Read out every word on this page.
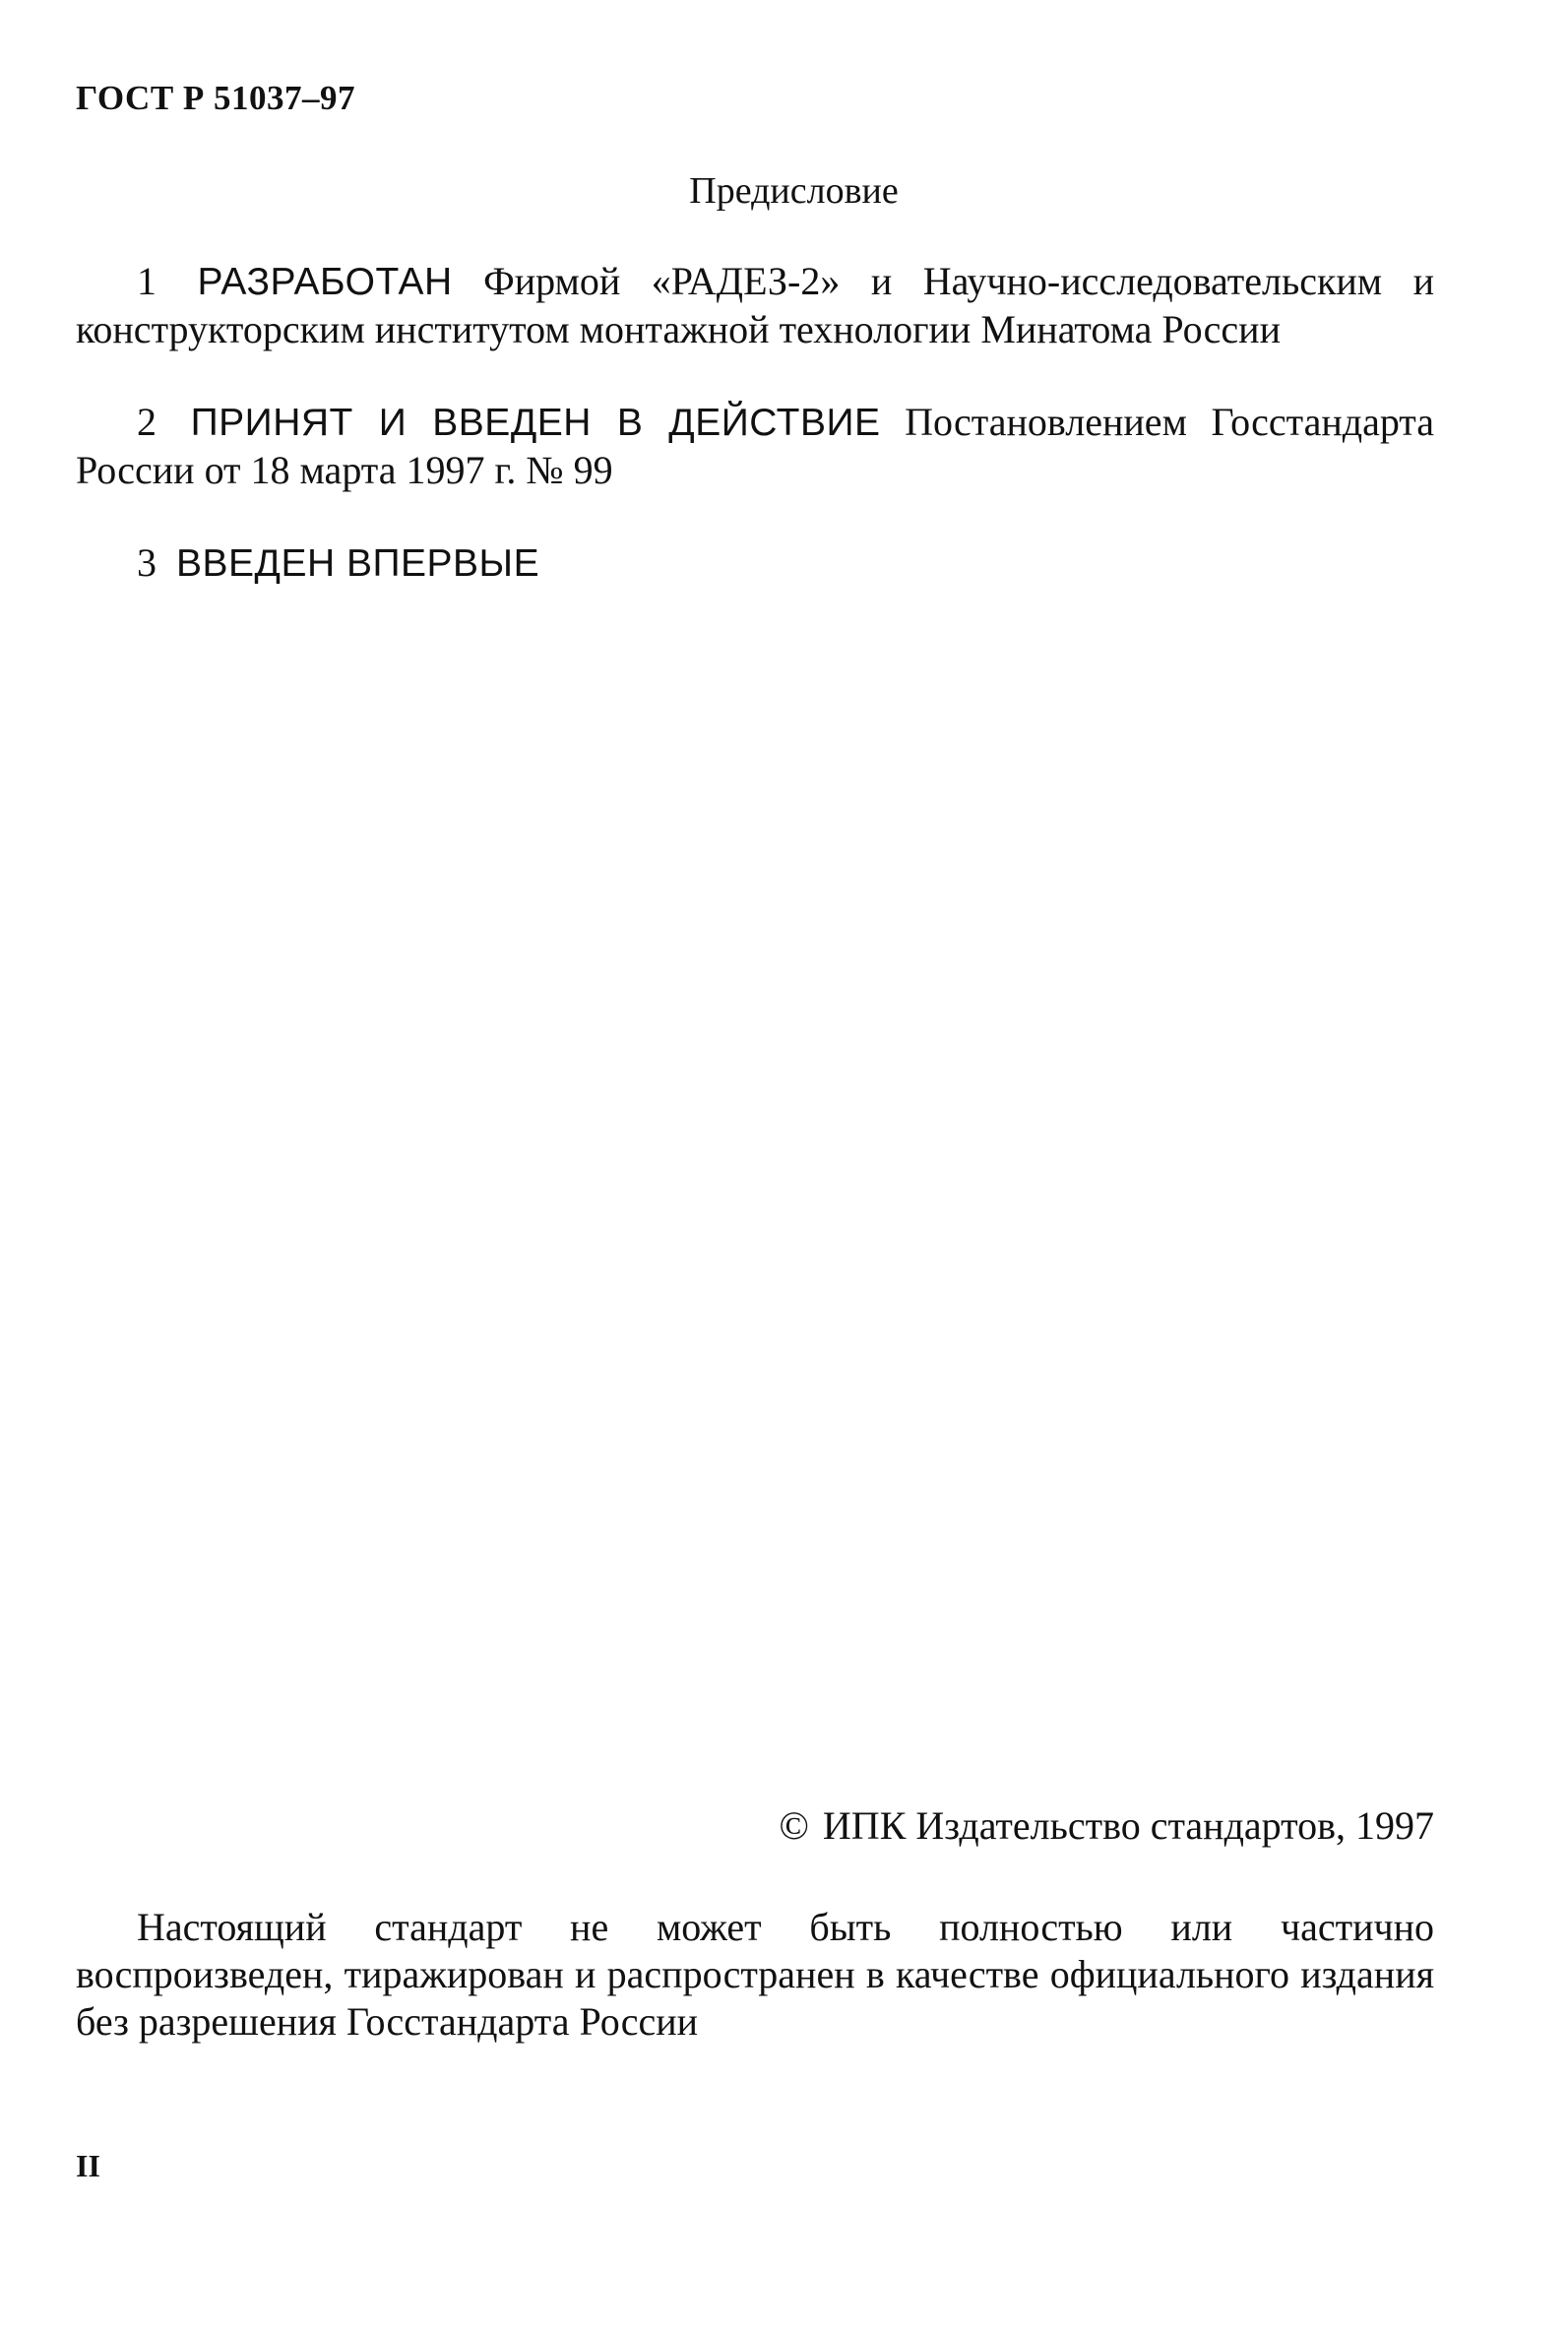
ГОСТ Р 51037–97
Предисловие

1 РАЗРАБОТАН Фирмой «РАДЕЗ-2» и Научно-исследовательским и конструкторским институтом монтажной технологии Минатома России

2 ПРИНЯТ И ВВЕДЕН В ДЕЙСТВИЕ Постановлением Госстандарта России от 18 марта 1997 г. № 99

3 ВВЕДЕН ВПЕРВЫЕ

© ИПК Издательство стандартов, 1997

Настоящий стандарт не может быть полностью или частично воспроизведен, тиражирован и распространен в качестве официального издания без разрешения Госстандарта России

II
